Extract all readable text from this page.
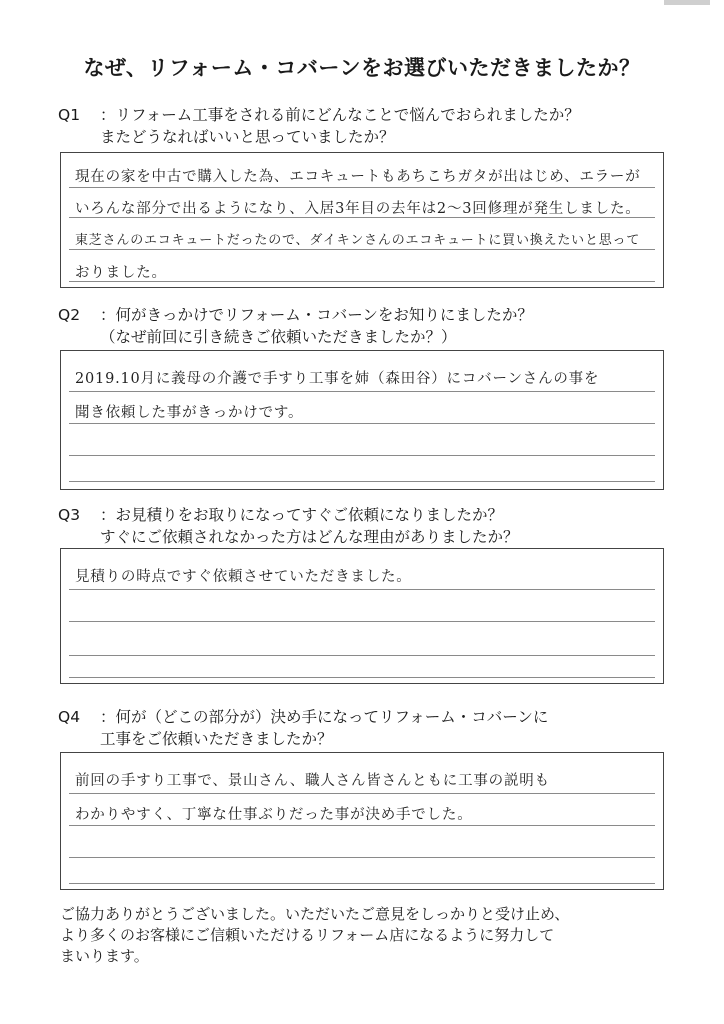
なぜ、リフォーム・コバーンをお選びいただきましたか？
Q1 ：リフォーム工事をされる前にどんなことで悩んでおられましたか？
またどうなればいいと思っていましたか？
現在の家を中古で購入した為、エコキュートもあちこちガタが出はじめ、エラーが
いろんな部分で出るようになり、入居3年目の去年は2～3回修理が発生しました。
東芝さんのエコキュートだったので、ダイキンさんのエコキュートに買い換えたいと思って
おりました。
Q2 ：何がきっかけでリフォーム・コバーンをお知りにましたか？
（なぜ前回に引き続きご依頼いただきましたか？）
2019.10月に義母の介護で手すり工事を姉（森田谷）にコバーンさんの事を
聞き依頼した事がきっかけです。
Q3 ：お見積りをお取りになってすぐご依頼になりましたか？
すぐにご依頼されなかった方はどんな理由がありましたか？
見積りの時点ですぐ依頼させていただきました。
Q4 ：何が（どこの部分が）決め手になってリフォーム・コバーンに
工事をご依頼いただきましたか？
前回の手すり工事で、景山さん、職人さん皆さんともに工事の説明も
わかりやすく、丁寧な仕事ぶりだった事が決め手でした。
ご協力ありがとうございました。いただいたご意見をしっかりと受け止め、
より多くのお客様にご信頼いただけるリフォーム店になるように努力して
まいります。
